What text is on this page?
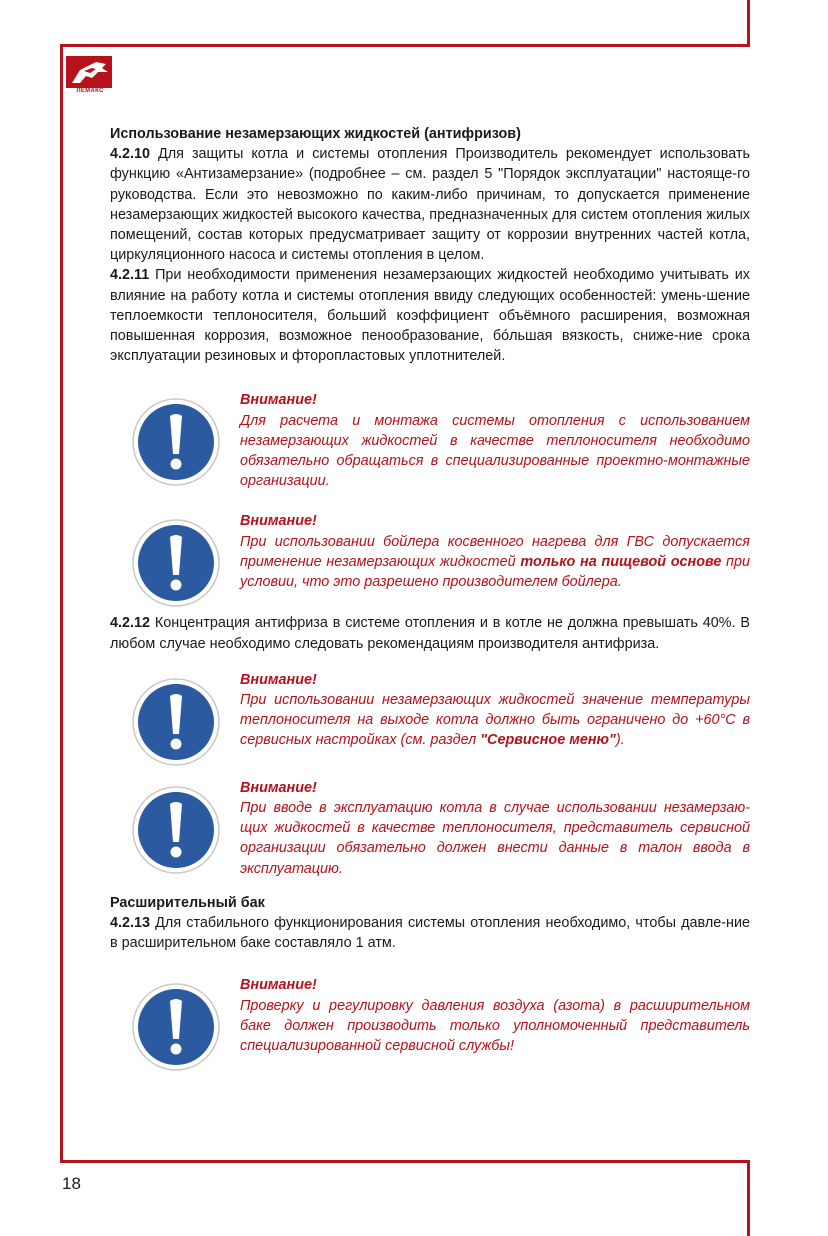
ЛЕМАКС
Использование незамерзающих жидкостей (антифризов)
4.2.10 Для защиты котла и системы отопления Производитель рекомендует использовать функцию «Антизамерзание» (подробнее – см. раздел 5 "Порядок эксплуатации" настояще-го руководства. Если это невозможно по каким-либо причинам, то допускается применение незамерзающих жидкостей высокого качества, предназначенных для систем отопления жилых помещений, состав которых предусматривает защиту от коррозии внутренних частей котла, циркуляционного насоса и системы отопления в целом.
4.2.11 При необходимости применения незамерзающих жидкостей необходимо учитывать их влияние на работу котла и системы отопления ввиду следующих особенностей: умень-шение теплоемкости теплоносителя, больший коэффициент объёмного расширения, возможная повышенная коррозия, возможное пенообразование, бóльшая вязкость, сниже-ние срока эксплуатации резиновых и фторопластовых уплотнителей.
Внимание!
Для расчета и монтажа системы отопления с использованием незамерзающих жидкостей в качестве теплоносителя необходимо обязательно обращаться в специализированные проектно-монтажные организации.
Внимание!
При использовании бойлера косвенного нагрева для ГВС допускается применение незамерзающих жидкостей только на пищевой основе при условии, что это разрешено производителем бойлера.
4.2.12 Концентрация антифриза в системе отопления и в котле не должна превышать 40%. В любом случае необходимо следовать рекомендациям производителя антифриза.
Внимание!
При использовании незамерзающих жидкостей значение температуры теплоносителя на выходе котла должно быть ограничено до +60°С в сервисных настройках (см. раздел "Сервисное меню").
Внимание!
При вводе в эксплуатацию котла в случае использовании незамерзаю-щих жидкостей в качестве теплоносителя, представитель сервисной организации обязательно должен внести данные в талон ввода в эксплуатацию.
Расширительный бак
4.2.13 Для стабильного функционирования системы отопления необходимо, чтобы давле-ние в расширительном баке составляло 1 атм.
Внимание!
Проверку и регулировку давления воздуха (азота) в расширительном баке должен производить только уполномоченный представитель специализированной сервисной службы!
18
